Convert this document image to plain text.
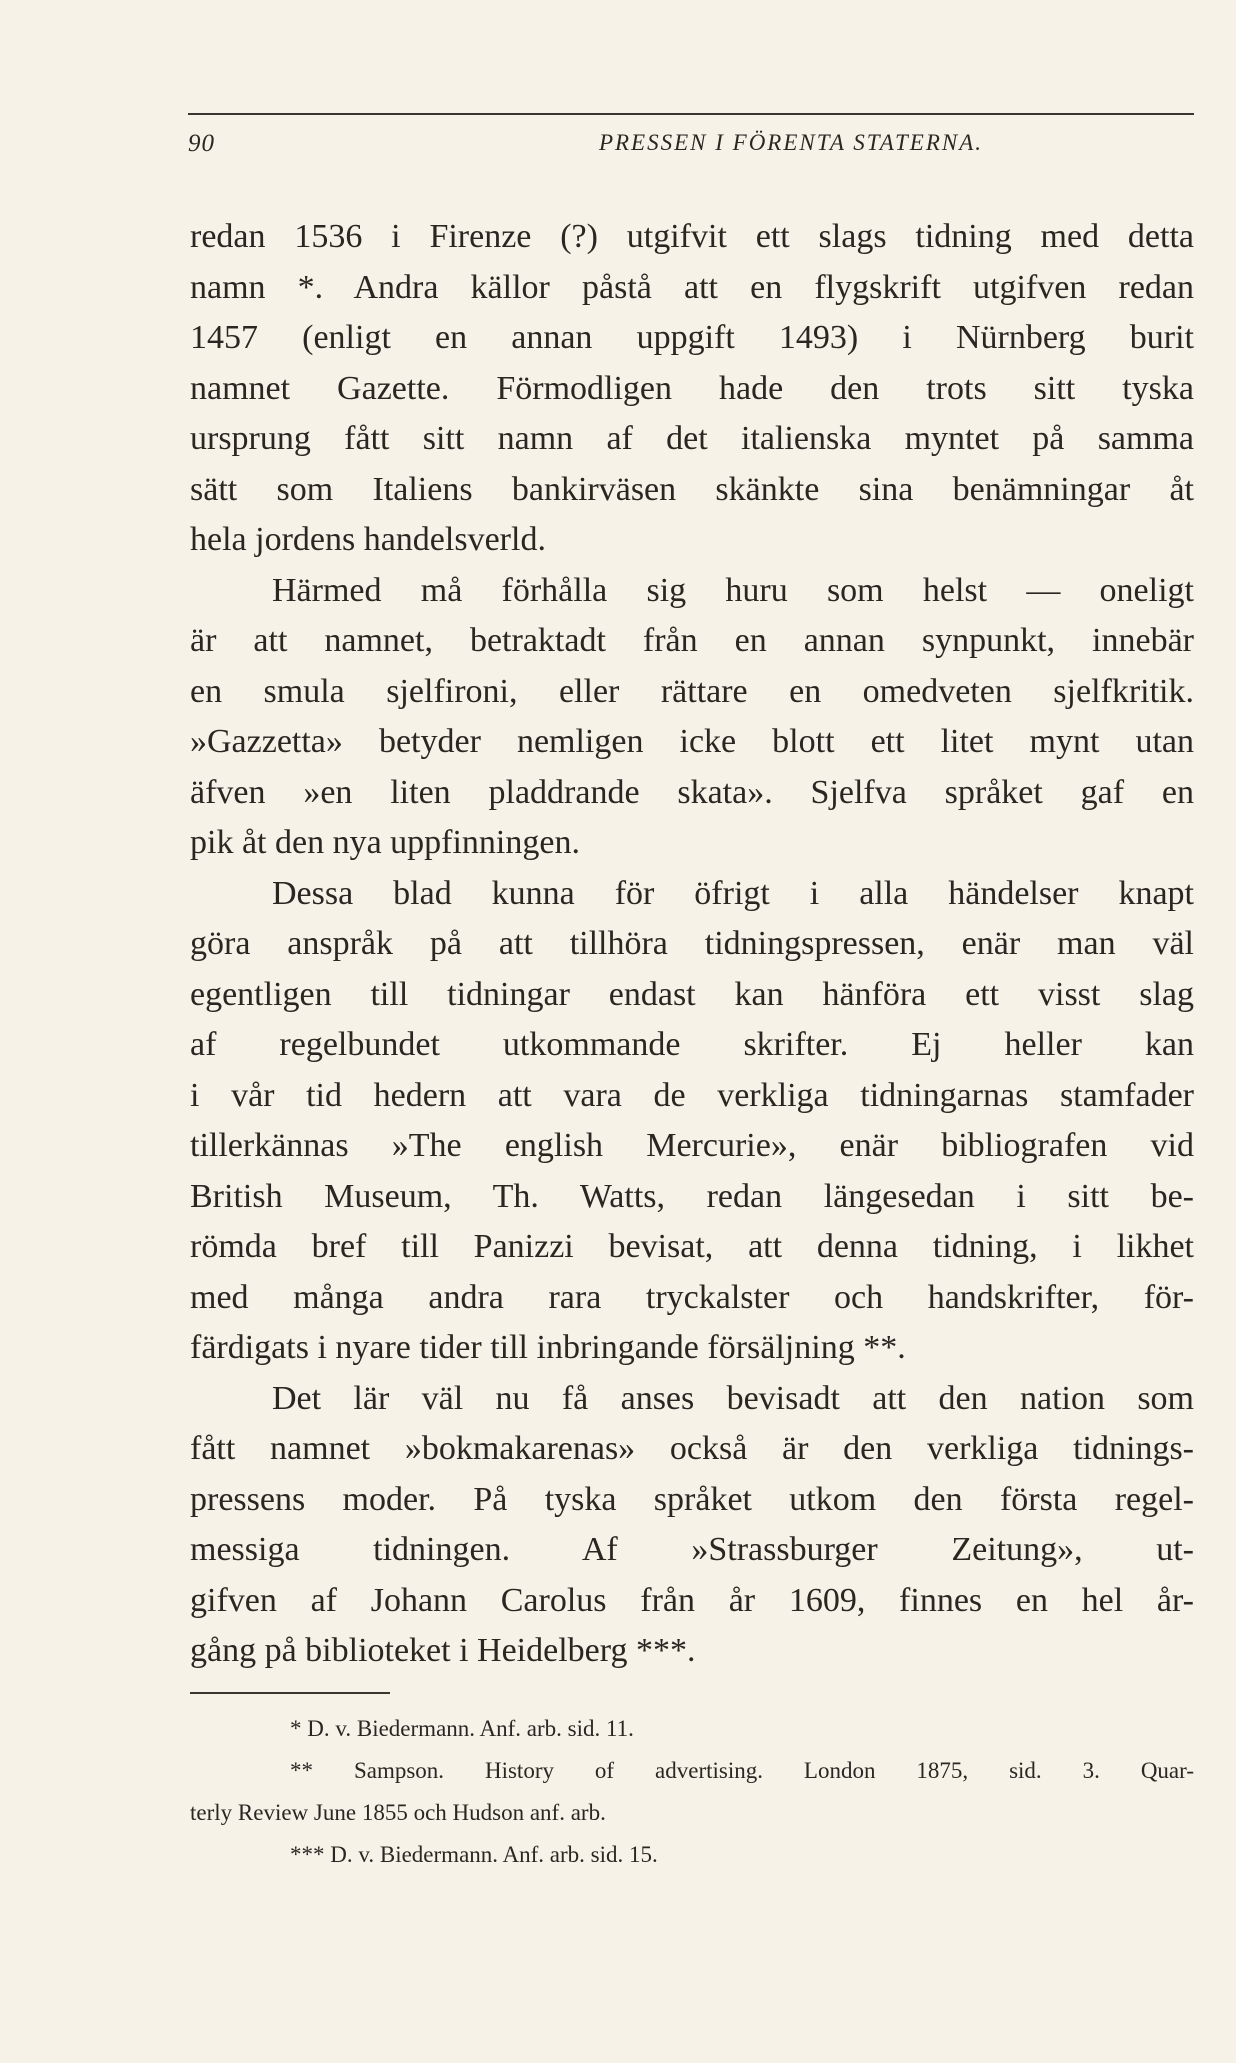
90	PRESSEN I FÖRENTA STATERNA.
redan 1536 i Firenze (?) utgifvit ett slags tidning med detta
namn *. Andra källor påstå att en flygskrift utgifven redan
1457 (enligt en annan uppgift 1493) i Nürnberg burit
namnet Gazette. Förmodligen hade den trots sitt tyska
ursprung fått sitt namn af det italienska myntet på samma
sätt som Italiens bankirväsen skänkte sina benämningar åt
hela jordens handelsverld.
Härmed må förhålla sig huru som helst — oneligt
är att namnet, betraktadt från en annan synpunkt, innebär
en smula sjelfironi, eller rättare en omedveten sjelfkritik.
»Gazzetta» betyder nemligen icke blott ett litet mynt utan
äfven »en liten pladdrande skata». Sjelfva språket gaf en
pik åt den nya uppfinningen.
Dessa blad kunna för öfrigt i alla händelser knapt
göra anspråk på att tillhöra tidningspressen, enär man väl
egentligen till tidningar endast kan hänföra ett visst slag
af regelbundet utkommande skrifter. Ej heller kan
i vår tid hedern att vara de verkliga tidningarnas stamfader
tillerkännas »The english Mercurie», enär bibliografen vid
British Museum, Th. Watts, redan längesedan i sitt be-
römda bref till Panizzi bevisat, att denna tidning, i likhet
med många andra rara tryckalster och handskrifter, för-
färdigats i nyare tider till inbringande försäljning **.
Det lär väl nu få anses bevisadt att den nation som
fått namnet »bokmakarenas» också är den verkliga tidnings-
pressens moder. På tyska språket utkom den första regel-
messiga tidningen. Af »Strassburger Zeitung», ut-
gifven af Johann Carolus från år 1609, finnes en hel år-
gång på biblioteket i Heidelberg ***.
* D. v. Biedermann. Anf. arb. sid. 11.
** Sampson. History of advertising. London 1875, sid. 3. Quar-
terly Review June 1855 och Hudson anf. arb.
*** D. v. Biedermann. Anf. arb. sid. 15.
